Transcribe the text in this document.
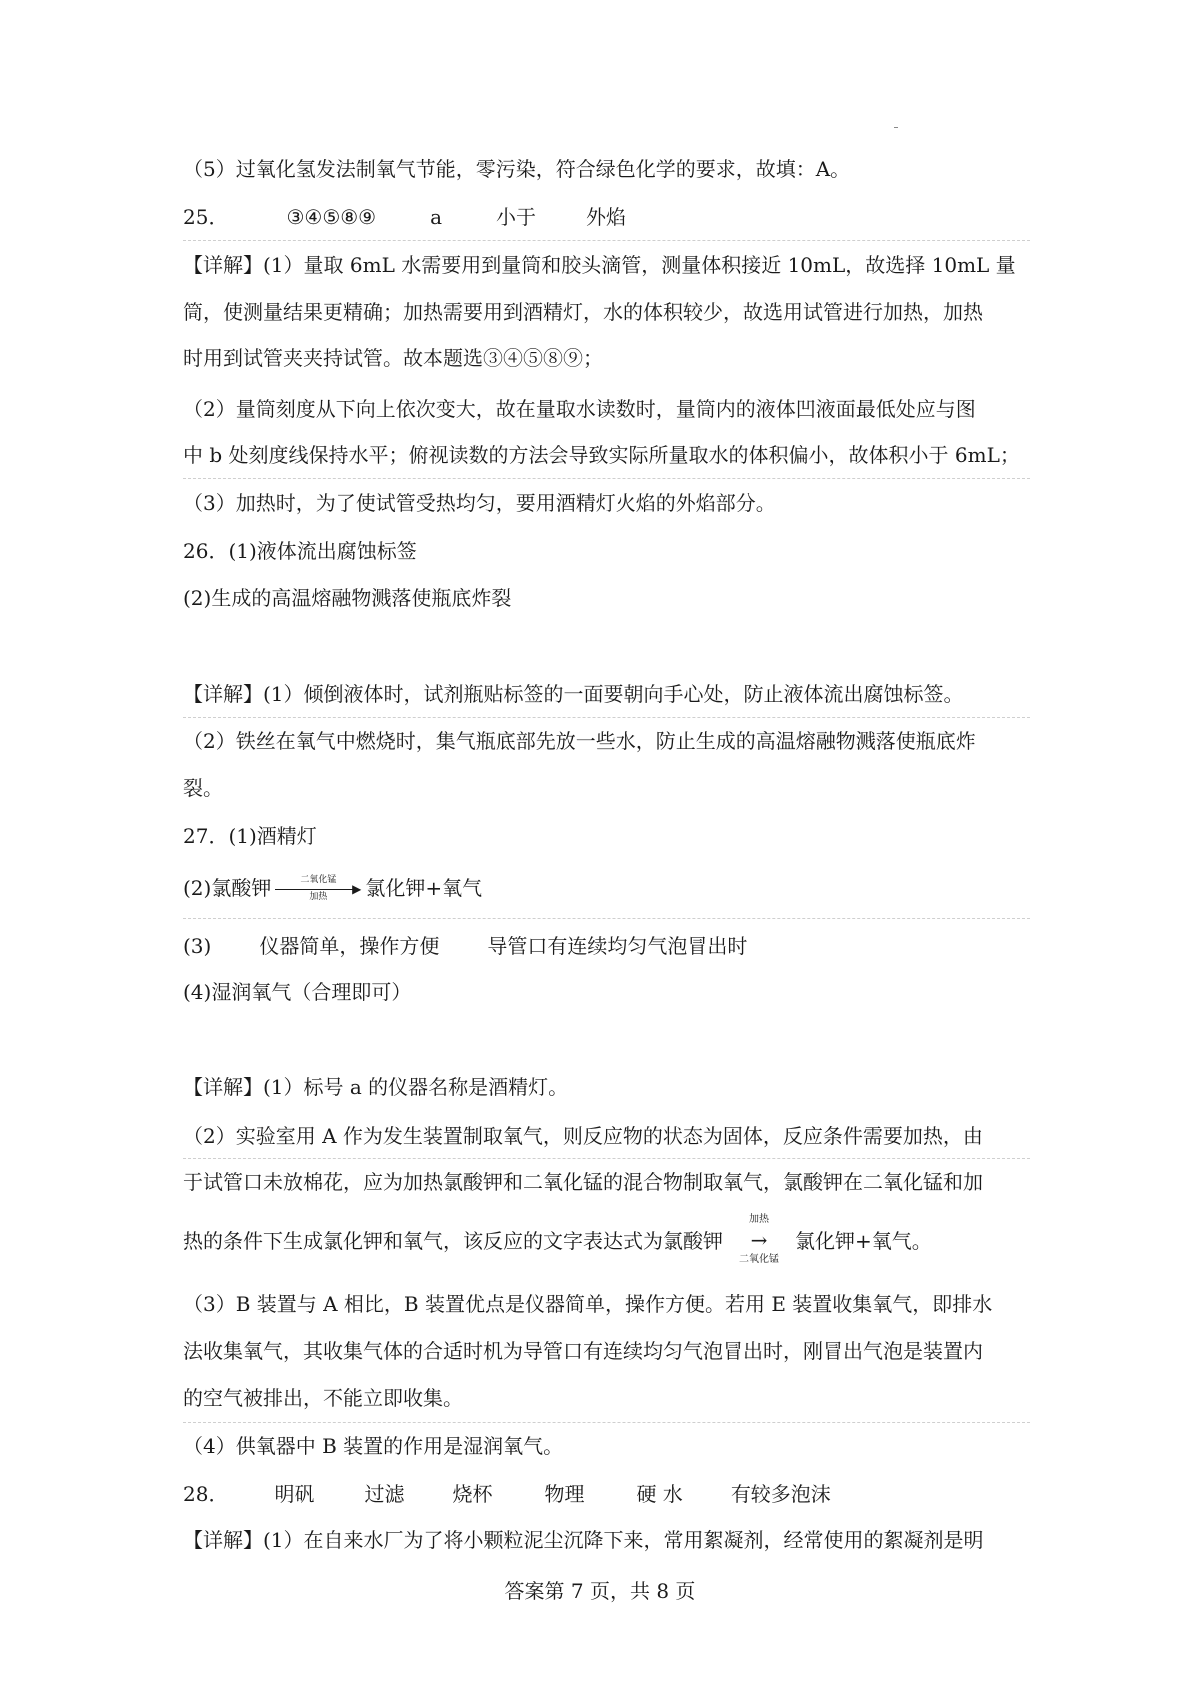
（5）过氧化氢发法制氧气节能，零污染，符合绿色化学的要求，故填：A。
25．	③④⑤⑧⑨	a	小于	外焰
【详解】(1）量取 6mL 水需要用到量筒和胶头滴管，测量体积接近 10mL，故选择 10mL 量
筒，使测量结果更精确；加热需要用到酒精灯，水的体积较少，故选用试管进行加热，加热
时用到试管夹夹持试管。故本题选③④⑤⑧⑨；
（2）量筒刻度从下向上依次变大，故在量取水读数时，量筒内的液体凹液面最低处应与图
中 b 处刻度线保持水平；俯视读数的方法会导致实际所量取水的体积偏小，故体积小于 6mL；
（3）加热时，为了使试管受热均匀，要用酒精灯火焰的外焰部分。
26．(1)液体流出腐蚀标签
(2)生成的高温熔融物溅落使瓶底炸裂
【详解】(1）倾倒液体时，试剂瓶贴标签的一面要朝向手心处，防止液体流出腐蚀标签。
（2）铁丝在氧气中燃烧时，集气瓶底部先放一些水，防止生成的高温熔融物溅落使瓶底炸
裂。
27．(1)酒精灯
(2)氯酸钾	二氧化锰
▶
加热	氯化钾+氧气
(3) 仪器简单，操作方便 导管口有连续均匀气泡冒出时
(4)湿润氧气（合理即可）
【详解】(1）标号 a 的仪器名称是酒精灯。
（2）实验室用 A 作为发生装置制取氧气，则反应物的状态为固体，反应条件需要加热，由
于试管口未放棉花，应为加热氯酸钾和二氧化锰的混合物制取氧气，氯酸钾在二氧化锰和加
热的条件下生成氯化钾和氧气，该反应的文字表达式为氯酸钾
加热
→
二氧化锰
氯化钾+氧气。
（3）B 装置与 A 相比，B 装置优点是仪器简单，操作方便。若用 E 装置收集氧气，即排水
法收集氧气，其收集气体的合适时机为导管口有连续均匀气泡冒出时，刚冒出气泡是装置内
的空气被排出，不能立即收集。
（4）供氧器中 B 装置的作用是湿润氧气。
28． 明矾	过滤 烧杯	物理	硬 水 有较多泡沫
【详解】(1）在自来水厂为了将小颗粒泥尘沉降下来，常用絮凝剂，经常使用的絮凝剂是明
答案第 7 页，共 8 页
